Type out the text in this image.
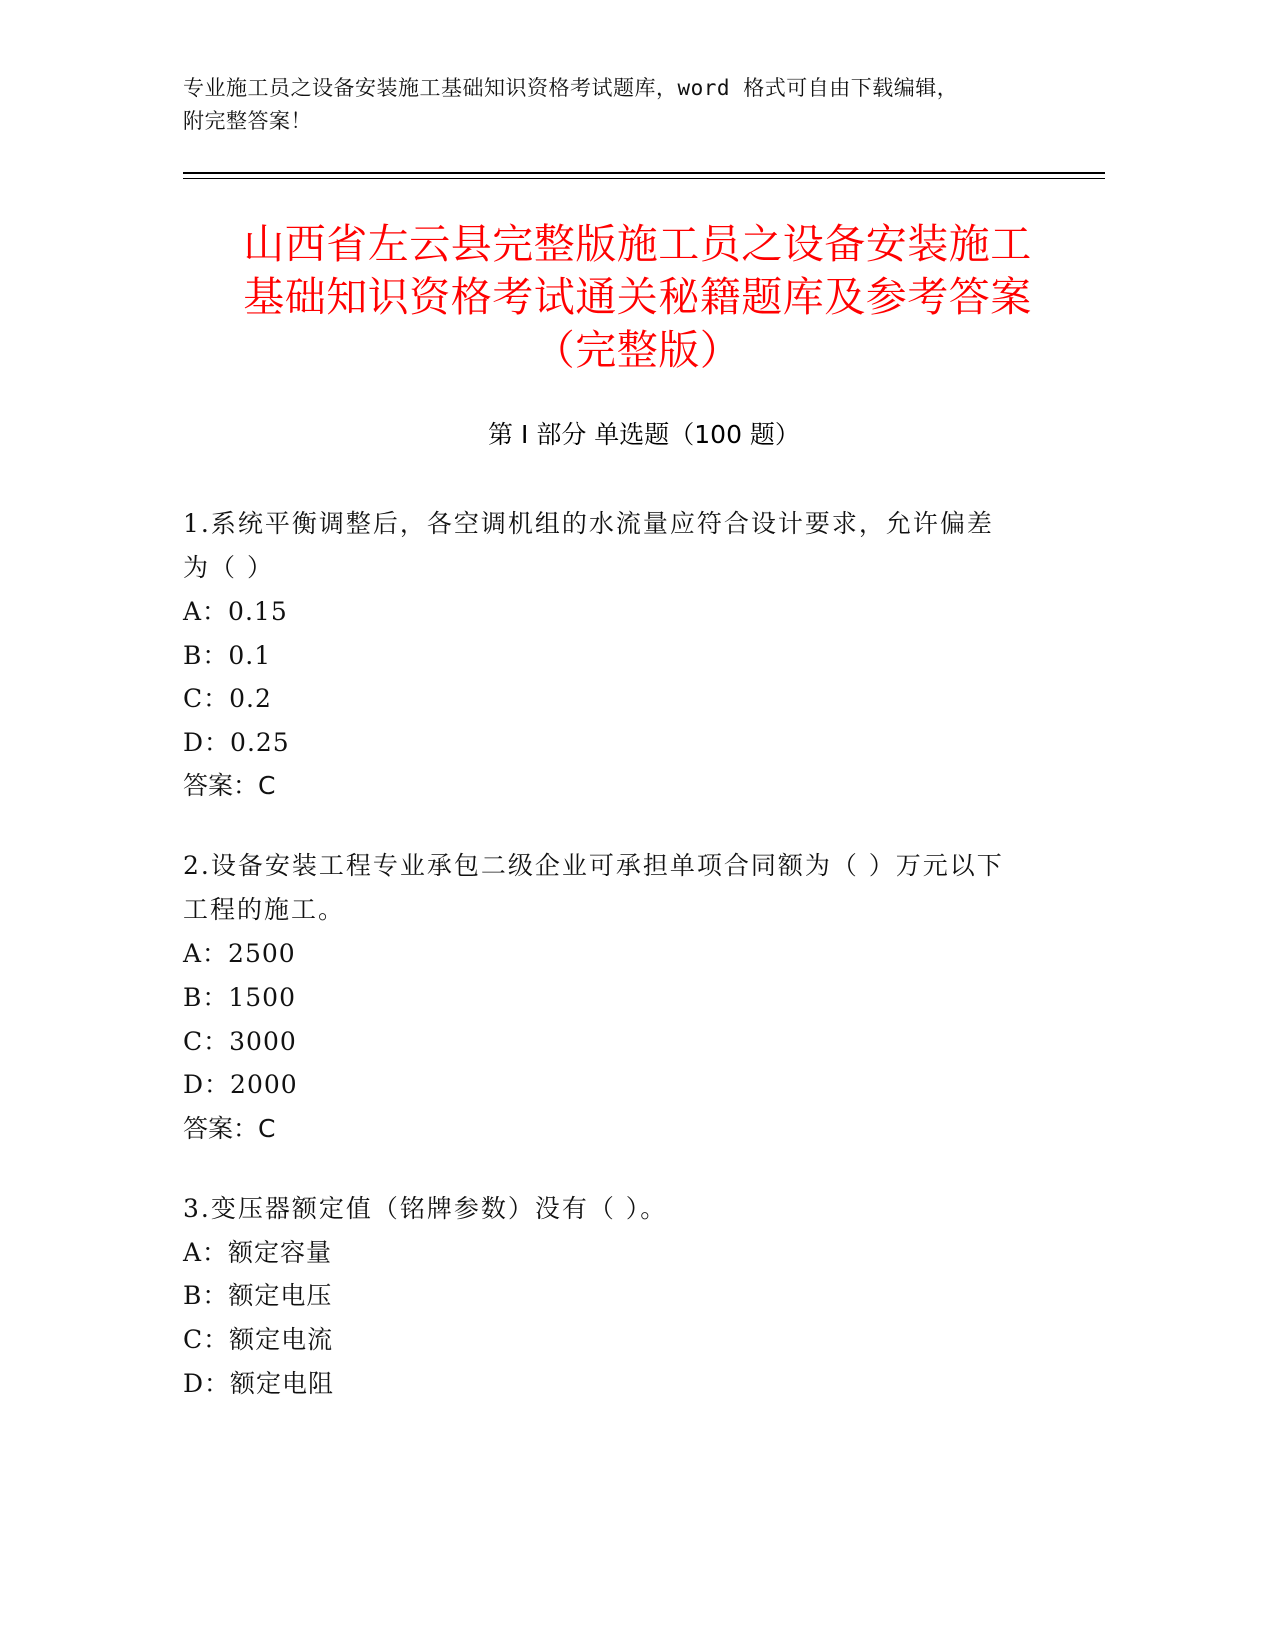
专业施工员之设备安装施工基础知识资格考试题库，word 格式可自由下载编辑，
附完整答案！
山西省左云县完整版施工员之设备安装施工
基础知识资格考试通关秘籍题库及参考答案
（完整版）
第 I 部分 单选题（100 题）
1.系统平衡调整后，各空调机组的水流量应符合设计要求，允许偏差
为（ ）
A：0.15
B：0.1
C：0.2
D：0.25
答案：C
2.设备安装工程专业承包二级企业可承担单项合同额为（ ）万元以下
工程的施工。
A：2500
B：1500
C：3000
D：2000
答案：C
3.变压器额定值（铭牌参数）没有（ ）。
A：额定容量
B：额定电压
C：额定电流
D：额定电阻
